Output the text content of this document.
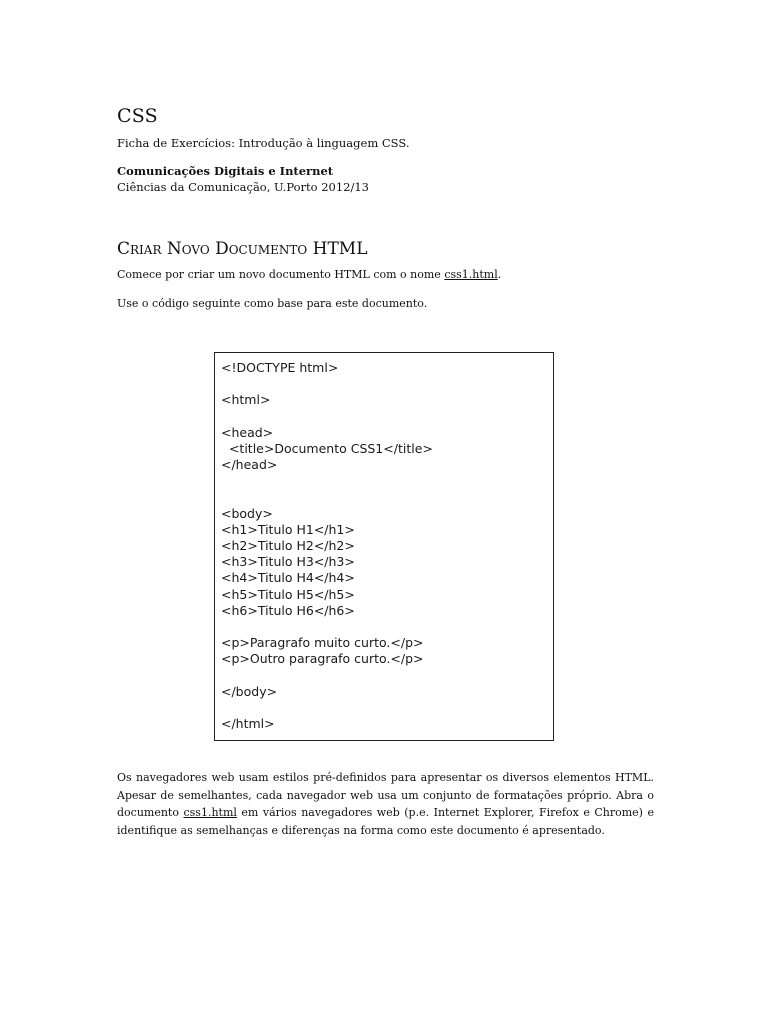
CSS

Ficha de Exercícios: Introdução à linguagem CSS.

Comunicações Digitais e Internet

Ciências da Comunicação, U.Porto 2012/13

Criar Novo Documento HTML

Comece por criar um novo documento HTML com o nome css1.html.

Use o código seguinte como base para este documento.

<!DOCTYPE html>
<html>
<head>
<title>Documento CSS1</title>
</head>
<body>
<h1>Titulo H1</h1>
<h2>Titulo H2</h2>
<h3>Titulo H3</h3>
<h4>Titulo H4</h4>
<h5>Titulo H5</h5>
<h6>Titulo H6</h6>
<p>Paragrafo muito curto.</p>
<p>Outro paragrafo curto.</p>
</body>
</html>

Os navegadores web usam estilos pré-definidos para apresentar os diversos elementos HTML. Apesar de semelhantes, cada navegador web usa um conjunto de formatações próprio. Abra o documento css1.html em vários navegadores web (p.e. Internet Explorer, Firefox e Chrome) e identifique as semelhanças e diferenças na forma como este documento é apresentado.
